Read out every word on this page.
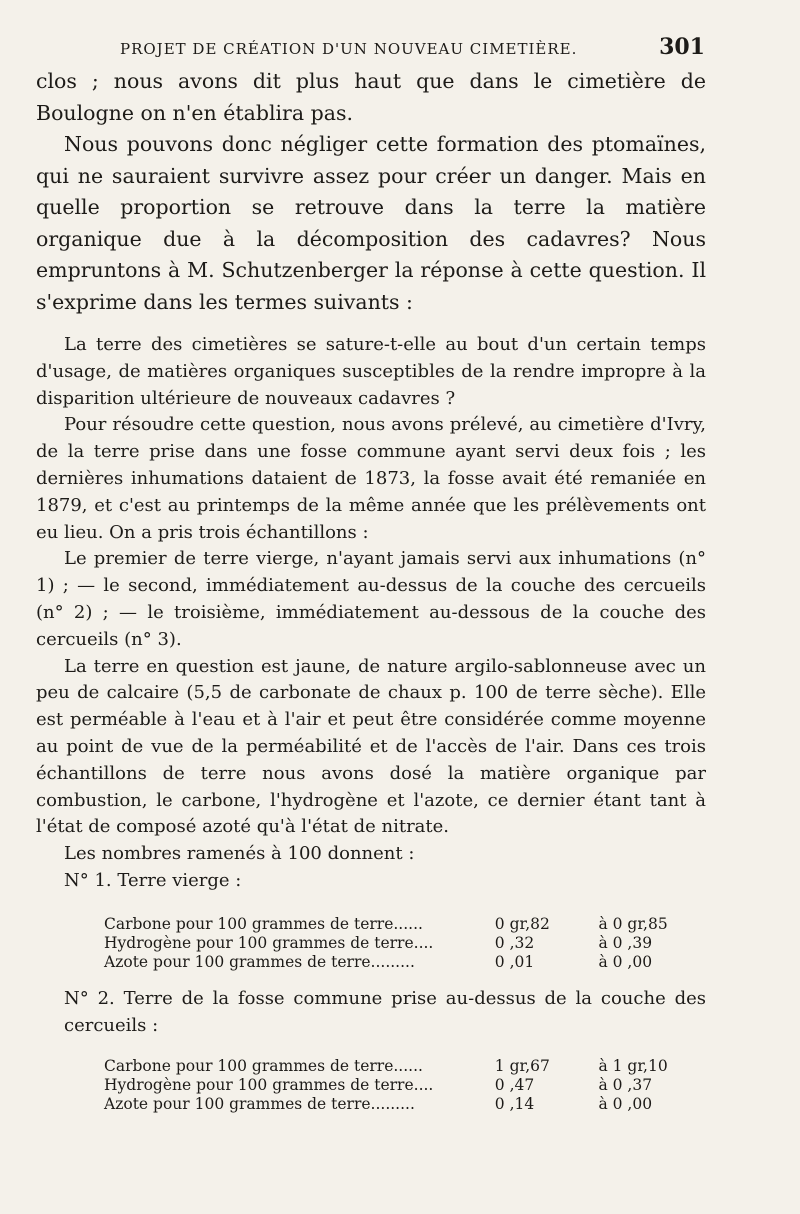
PROJET DE CRÉATION D'UN NOUVEAU CIMETIÈRE.	301

clos ; nous avons dit plus haut que dans le cimetière de Boulogne on n'en établira pas.

Nous pouvons donc négliger cette formation des ptomaïnes, qui ne sauraient survivre assez pour créer un danger. Mais en quelle proportion se retrouve dans la terre la matière organique due à la décomposition des cadavres? Nous empruntons à M. Schutzenberger la réponse à cette question. Il s'exprime dans les termes suivants :

La terre des cimetières se sature-t-elle au bout d'un certain temps d'usage, de matières organiques susceptibles de la rendre impropre à la disparition ultérieure de nouveaux cadavres ?

Pour résoudre cette question, nous avons prélevé, au cimetière d'Ivry, de la terre prise dans une fosse commune ayant servi deux fois ; les dernières inhumations dataient de 1873, la fosse avait été remaniée en 1879, et c'est au printemps de la même année que les prélèvements ont eu lieu. On a pris trois échantillons :

Le premier de terre vierge, n'ayant jamais servi aux inhumations (n° 1) ; — le second, immédiatement au-dessus de la couche des cercueils (n° 2) ; — le troisième, immédiatement au-dessous de la couche des cercueils (n° 3).

La terre en question est jaune, de nature argilo-sablonneuse avec un peu de calcaire (5,5 de carbonate de chaux p. 100 de terre sèche). Elle est perméable à l'eau et à l'air et peut être considérée comme moyenne au point de vue de la perméabilité et de l'accès de l'air. Dans ces trois échantillons de terre nous avons dosé la matière organique par combustion, le carbone, l'hydrogène et l'azote, ce dernier étant tant à l'état de composé azoté qu'à l'état de nitrate.

Les nombres ramenés à 100 donnent :

N° 1. Terre vierge :

Carbone pour 100 grammes de terre......	0 gr,82	à 0 gr,85
Hydrogène pour 100 grammes de terre....	0 ,32	à 0 ,39
Azote pour 100 grammes de terre.........	0 ,01	à 0 ,00

N° 2. Terre de la fosse commune prise au-dessus de la couche des cercueils :

Carbone pour 100 grammes de terre......	1 gr,67	à 1 gr,10
Hydrogène pour 100 grammes de terre....	0 ,47	à 0 ,37
Azote pour 100 grammes de terre.........	0 ,14	à 0 ,00
